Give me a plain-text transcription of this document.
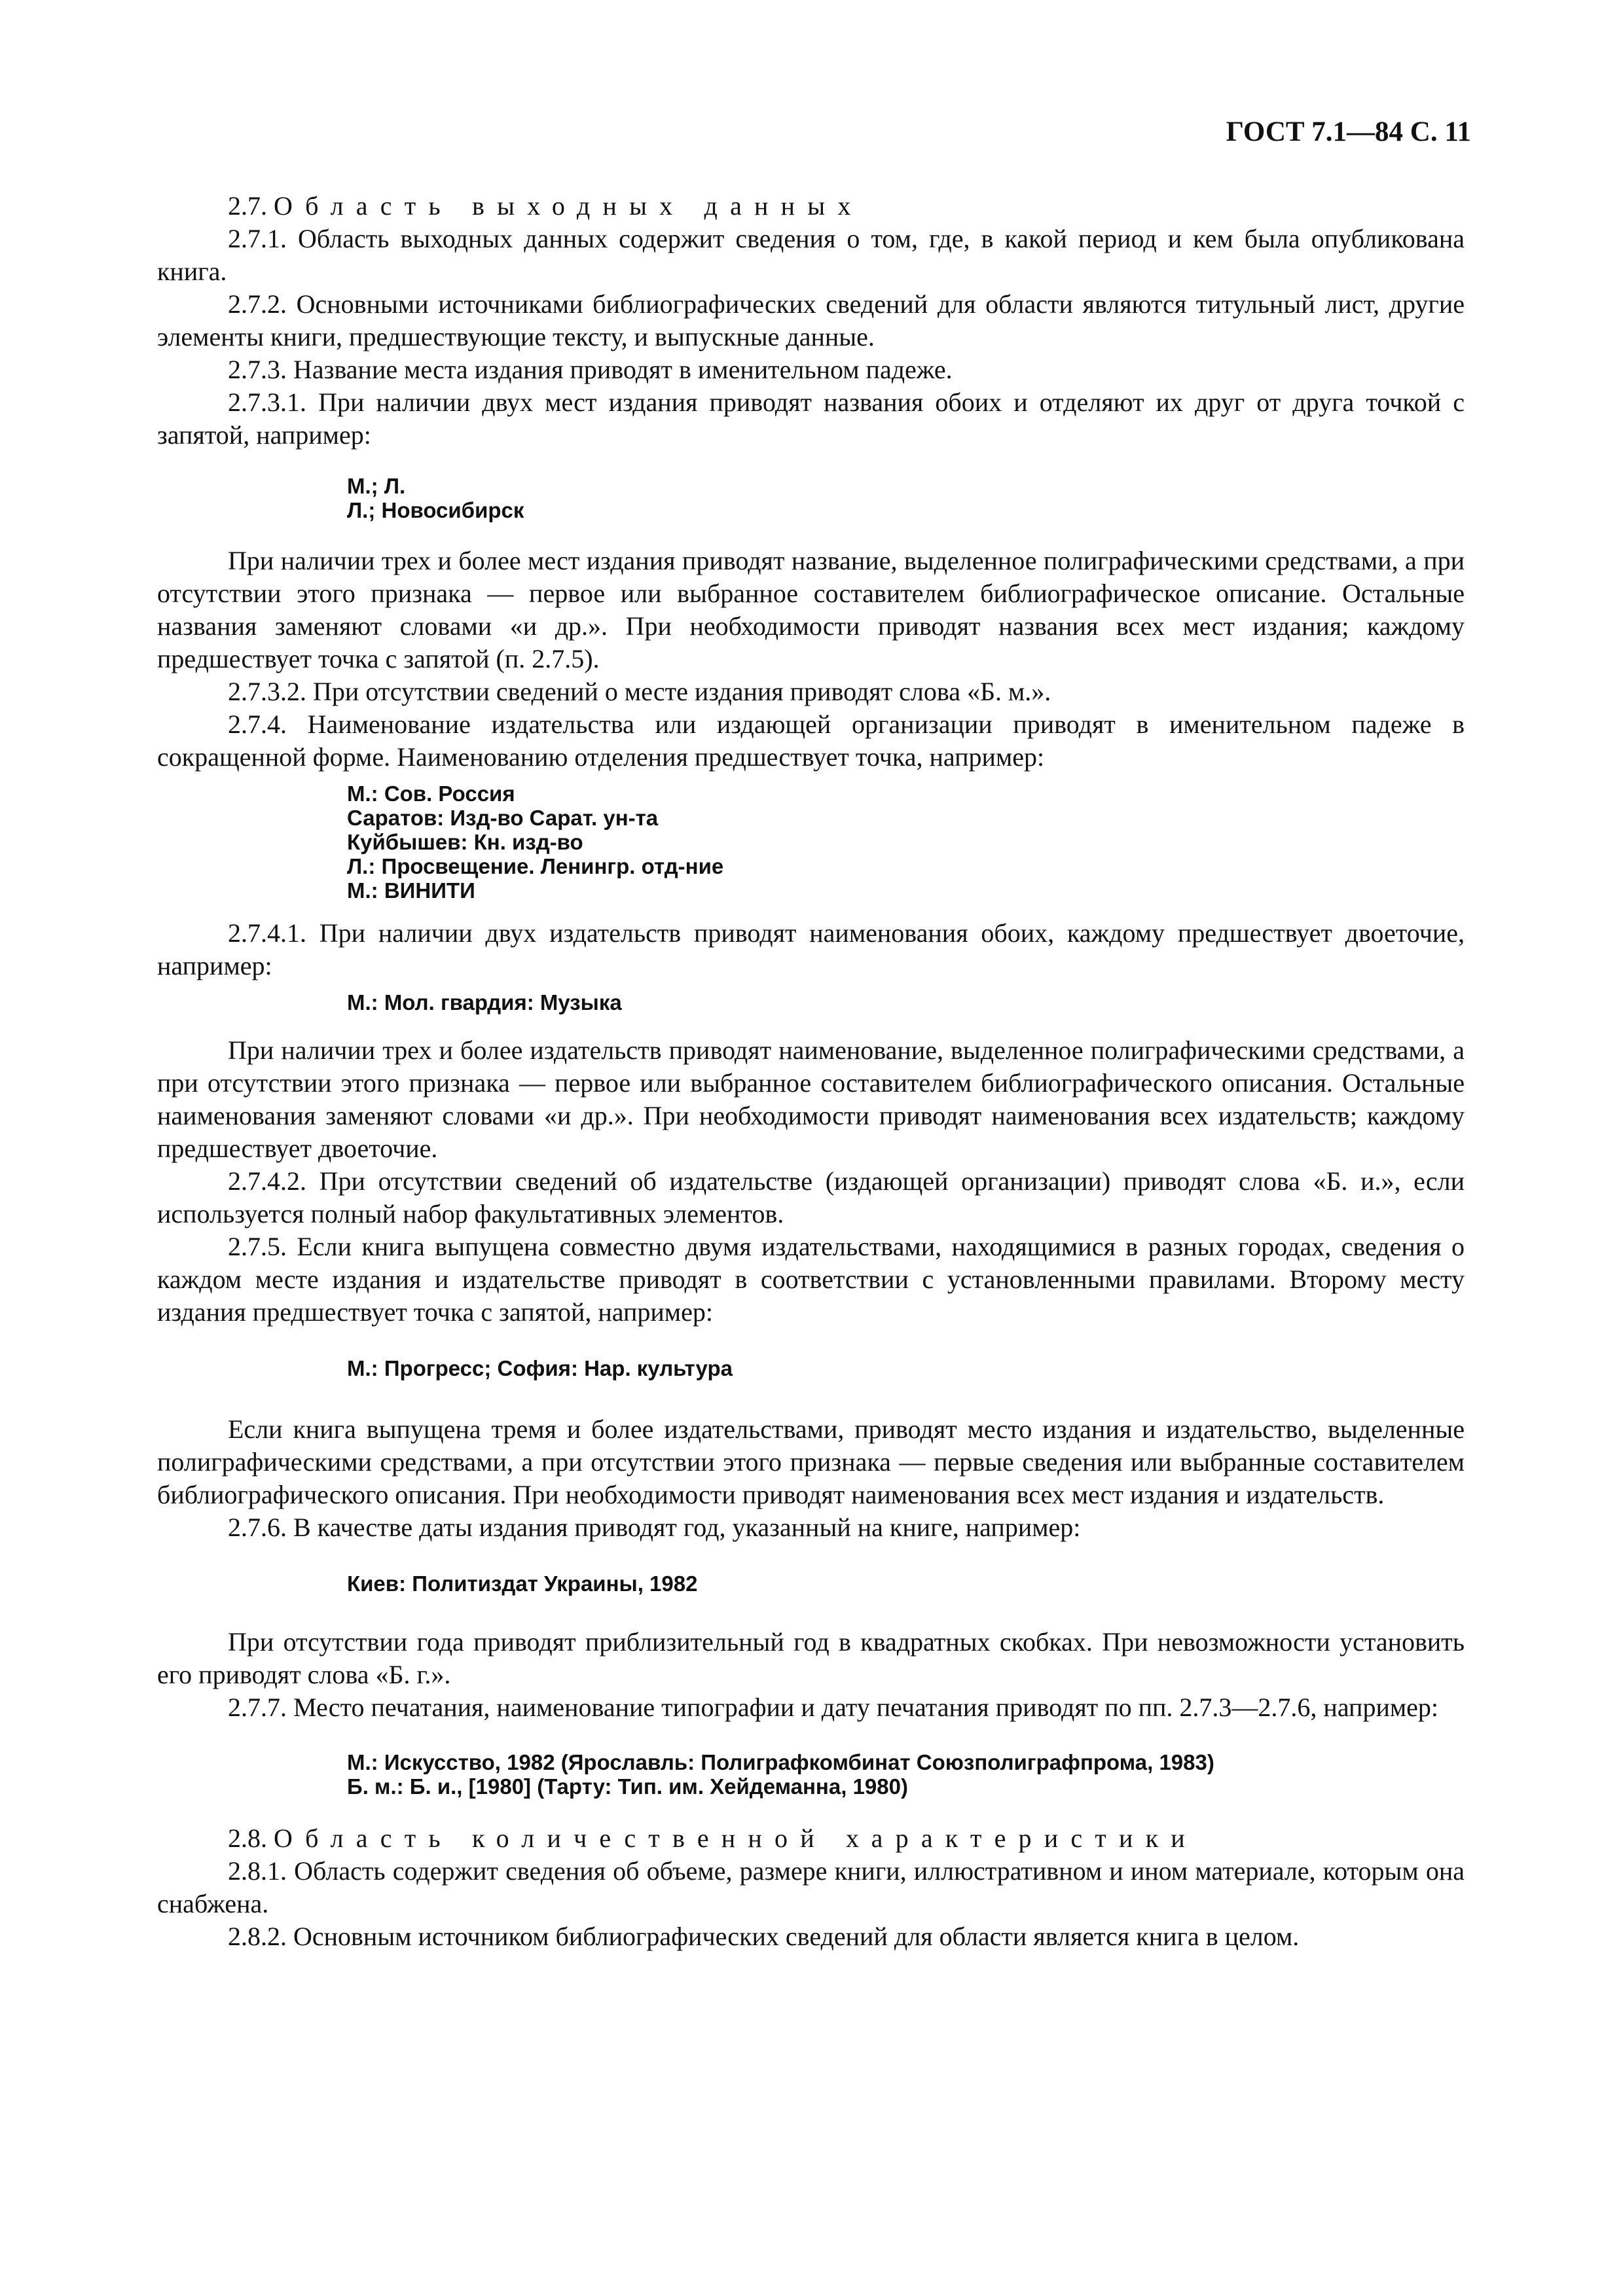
ГОСТ 7.1—84 С. 11

2.7. Область выходных данных

2.7.1. Область выходных данных содержит сведения о том, где, в какой период и кем была опубликована книга.

2.7.2. Основными источниками библиографических сведений для области являются титульный лист, другие элементы книги, предшествующие тексту, и выпускные данные.

2.7.3. Название места издания приводят в именительном падеже.

2.7.3.1. При наличии двух мест издания приводят названия обоих и отделяют их друг от друга точкой с запятой, например:

М.; Л.
Л.; Новосибирск

При наличии трех и более мест издания приводят название, выделенное полиграфическими средствами, а при отсутствии этого признака — первое или выбранное составителем библиографическое описание. Остальные названия заменяют словами «и др.». При необходимости приводят названия всех мест издания; каждому предшествует точка с запятой (п. 2.7.5).

2.7.3.2. При отсутствии сведений о месте издания приводят слова «Б. м.».

2.7.4. Наименование издательства или издающей организации приводят в именительном падеже в сокращенной форме. Наименованию отделения предшествует точка, например:

М.: Сов. Россия
Саратов: Изд-во Сарат. ун-та
Куйбышев: Кн. изд-во
Л.: Просвещение. Ленингр. отд-ние
М.: ВИНИТИ

2.7.4.1. При наличии двух издательств приводят наименования обоих, каждому предшествует двоеточие, например:

М.: Мол. гвардия: Музыка

При наличии трех и более издательств приводят наименование, выделенное полиграфическими средствами, а при отсутствии этого признака — первое или выбранное составителем библиографического описания. Остальные наименования заменяют словами «и др.». При необходимости приводят наименования всех издательств; каждому предшествует двоеточие.

2.7.4.2. При отсутствии сведений об издательстве (издающей организации) приводят слова «Б. и.», если используется полный набор факультативных элементов.

2.7.5. Если книга выпущена совместно двумя издательствами, находящимися в разных городах, сведения о каждом месте издания и издательстве приводят в соответствии с установленными правилами. Второму месту издания предшествует точка с запятой, например:

М.: Прогресс; София: Нар. культура

Если книга выпущена тремя и более издательствами, приводят место издания и издательство, выделенные полиграфическими средствами, а при отсутствии этого признака — первые сведения или выбранные составителем библиографического описания. При необходимости приводят наименования всех мест издания и издательств.

2.7.6. В качестве даты издания приводят год, указанный на книге, например:

Киев: Политиздат Украины, 1982

При отсутствии года приводят приблизительный год в квадратных скобках. При невозможности установить его приводят слова «Б. г.».

2.7.7. Место печатания, наименование типографии и дату печатания приводят по пп. 2.7.3—2.7.6, например:

М.: Искусство, 1982 (Ярославль: Полиграфкомбинат Союзполиграфпрома, 1983)
Б. м.: Б. и., [1980] (Тарту: Тип. им. Хейдеманна, 1980)

2.8. Область количественной характеристики

2.8.1. Область содержит сведения об объеме, размере книги, иллюстративном и ином материале, которым она снабжена.

2.8.2. Основным источником библиографических сведений для области является книга в целом.
